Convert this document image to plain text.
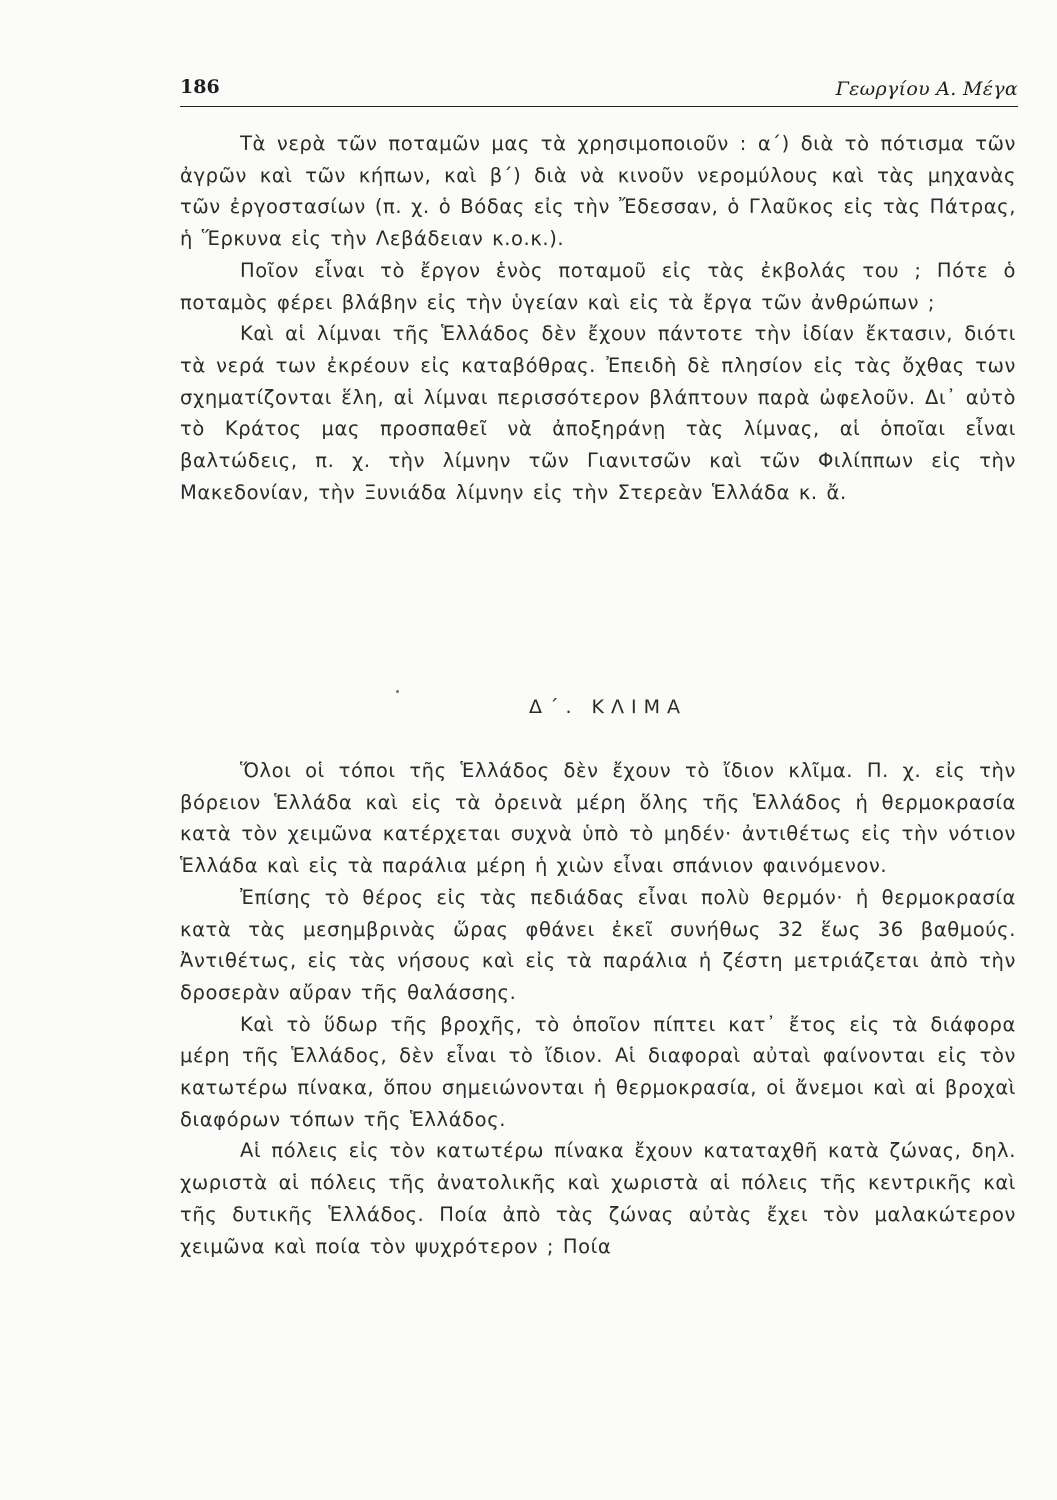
186	Γεωργίου Α. Μέγα

Τὰ νερὰ τῶν ποταμῶν μας τὰ χρησιμοποιοῦν : α΄) διὰ τὸ πότισμα τῶν ἀγρῶν καὶ τῶν κήπων, καὶ β΄) διὰ νὰ κινοῦν νερομύλους καὶ τὰς μηχανὰς τῶν ἐργοστασίων (π. χ. ὁ Βόδας εἰς τὴν Ἔδεσσαν, ὁ Γλαῦκος εἰς τὰς Πάτρας, ἡ Ἕρκυνα εἰς τὴν Λεβάδειαν κ.ο.κ.).

Ποῖον εἶναι τὸ ἔργον ἑνὸς ποταμοῦ εἰς τὰς ἐκβολάς του ; Πότε ὁ ποταμὸς φέρει βλάβην εἰς τὴν ὑγείαν καὶ εἰς τὰ ἔργα τῶν ἀνθρώπων ;

Καὶ αἱ λίμναι τῆς Ἑλλάδος δὲν ἔχουν πάντοτε τὴν ἰδίαν ἔκτασιν, διότι τὰ νερά των ἐκρέουν εἰς καταβόθρας. Ἐπειδὴ δὲ πλησίον εἰς τὰς ὄχθας των σχηματίζονται ἕλη, αἱ λίμναι περισσότερον βλάπτουν παρὰ ὠφελοῦν. Δι᾿ αὐτὸ τὸ Κράτος μας προσπαθεῖ νὰ ἀποξηράνῃ τὰς λίμνας, αἱ ὁποῖαι εἶναι βαλτώδεις, π. χ. τὴν λίμνην τῶν Γιανιτσῶν καὶ τῶν Φιλίππων εἰς τὴν Μακεδονίαν, τὴν Ξυνιάδα λίμνην εἰς τὴν Στερεὰν Ἑλλάδα κ. ἄ.

Δ΄. ΚΛΙΜΑ

Ὅλοι οἱ τόποι τῆς Ἑλλάδος δὲν ἔχουν τὸ ἴδιον κλῖμα. Π. χ. εἰς τὴν βόρειον Ἑλλάδα καὶ εἰς τὰ ὀρεινὰ μέρη ὅλης τῆς Ἑλλάδος ἡ θερμοκρασία κατὰ τὸν χειμῶνα κατέρχεται συχνὰ ὑπὸ τὸ μηδέν· ἀντιθέτως εἰς τὴν νότιον Ἑλλάδα καὶ εἰς τὰ παράλια μέρη ἡ χιὼν εἶναι σπάνιον φαινόμενον.

Ἐπίσης τὸ θέρος εἰς τὰς πεδιάδας εἶναι πολὺ θερμόν· ἡ θερμοκρασία κατὰ τὰς μεσημβρινὰς ὥρας φθάνει ἐκεῖ συνήθως 32 ἕως 36 βαθμούς. Ἀντιθέτως, εἰς τὰς νήσους καὶ εἰς τὰ παράλια ἡ ζέστη μετριάζεται ἀπὸ τὴν δροσερὰν αὔραν τῆς θαλάσσης.

Καὶ τὸ ὕδωρ τῆς βροχῆς, τὸ ὁποῖον πίπτει κατ᾿ ἔτος εἰς τὰ διάφορα μέρη τῆς Ἑλλάδος, δὲν εἶναι τὸ ἴδιον. Αἱ διαφοραὶ αὐταὶ φαίνονται εἰς τὸν κατωτέρω πίνακα, ὅπου σημειώνονται ἡ θερμοκρασία, οἱ ἄνεμοι καὶ αἱ βροχαὶ διαφόρων τόπων τῆς Ἑλλάδος.

Αἱ πόλεις εἰς τὸν κατωτέρω πίνακα ἔχουν καταταχθῆ κατὰ ζώνας, δηλ. χωριστὰ αἱ πόλεις τῆς ἀνατολικῆς καὶ χωριστὰ αἱ πόλεις τῆς κεντρικῆς καὶ τῆς δυτικῆς Ἑλλάδος. Ποία ἀπὸ τὰς ζώνας αὐτὰς ἔχει τὸν μαλακώτερον χειμῶνα καὶ ποία τὸν ψυχρότερον ; Ποία
